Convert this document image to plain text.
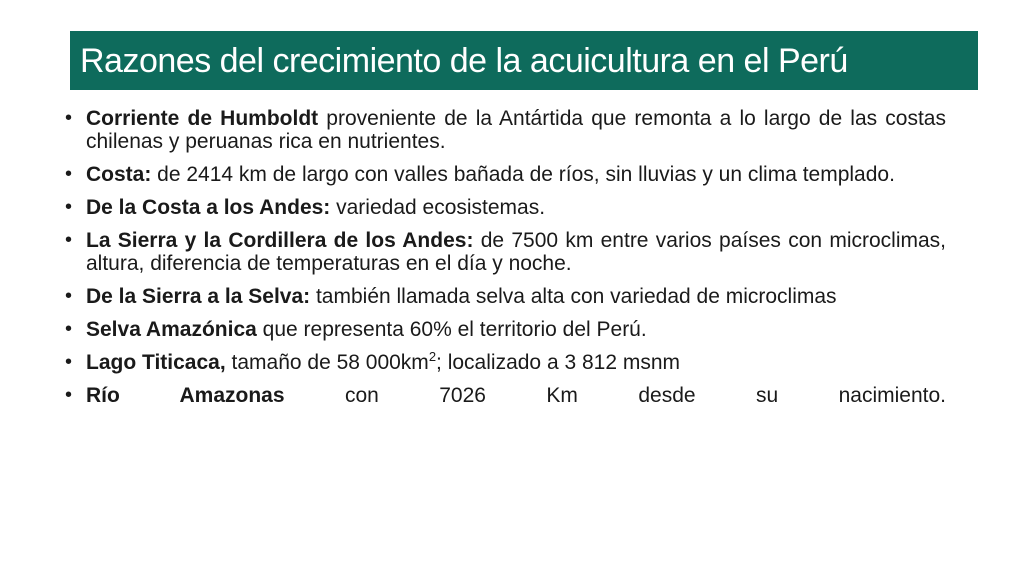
Razones del crecimiento de la acuicultura en el Perú
• Corriente de Humboldt proveniente de la Antártida que remonta a lo largo de las costas chilenas y peruanas rica en nutrientes.
• Costa: de 2414 km de largo con valles bañada de ríos, sin lluvias y un clima templado.
• De la Costa a los Andes: variedad ecosistemas.
• La Sierra y la Cordillera de los Andes: de 7500 km entre varios países con microclimas, altura, diferencia de temperaturas en el día y noche.
• De la Sierra a la Selva: también llamada selva alta con variedad de microclimas
• Selva Amazónica que representa 60% el territorio del Perú.
• Lago Titicaca, tamaño de 58 $000km^2$; localizado a 3 812 msnm
• Río Amazonas con 7026 Km desde su nacimiento.
